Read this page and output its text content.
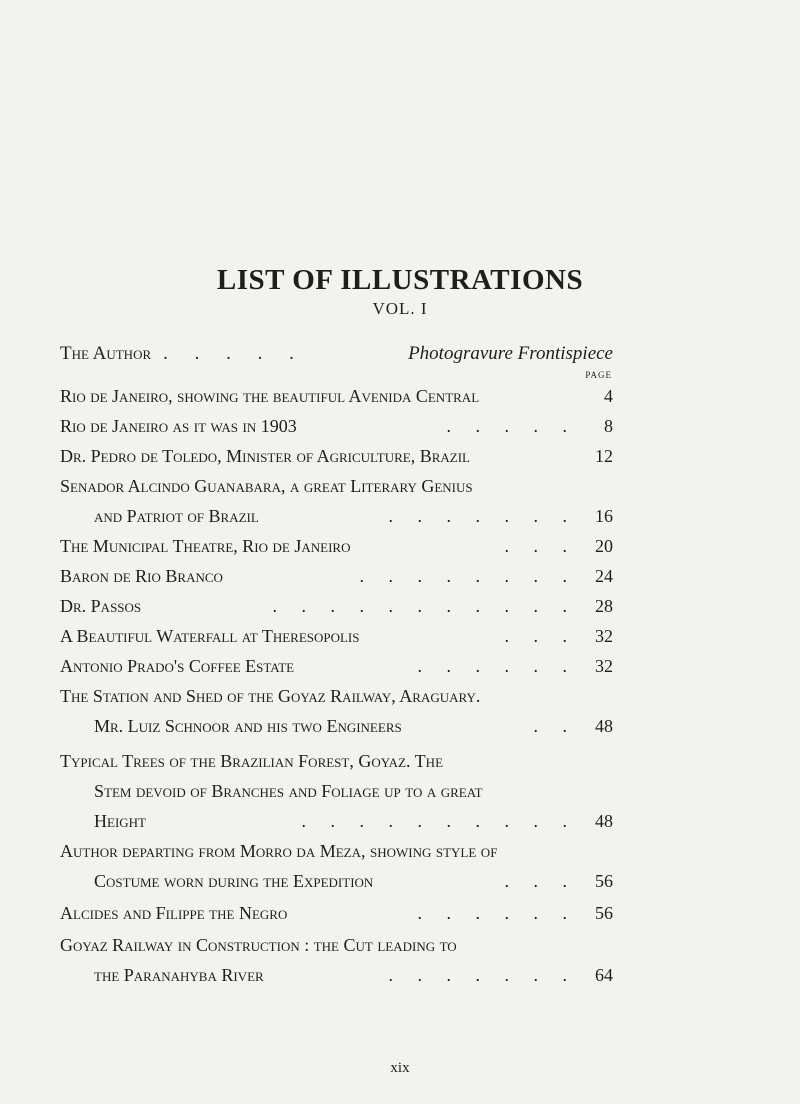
LIST OF ILLUSTRATIONS
VOL. I
The Author . . . . .	Photogravure Frontispiece
PAGE
Rio de Janeiro, showing the beautiful Avenida Central	4
Rio de Janeiro as it was in 1903	. . . . . 8
Dr. Pedro de Toledo, Minister of Agriculture, Brazil	12
Senador Alcindo Guanabara, a great Literary Genius
and Patriot of Brazil	. . . . . . . 16
The Municipal Theatre, Rio de Janeiro	. . . 20
Baron de Rio Branco	. . . . . . . . 24
Dr. Passos	. . . . . . . . . . . 28
A Beautiful Waterfall at Theresopolis	. . . 32
Antonio Prado's Coffee Estate	. . . . . . 32
The Station and Shed of the Goyaz Railway, Araguary.
Mr. Luiz Schnoor and his two Engineers	. . 48
Typical Trees of the Brazilian Forest, Goyaz. The
Stem devoid of Branches and Foliage up to a great
Height	. . . . . . . . . . 48
Author departing from Morro da Meza, showing style of
Costume worn during the Expedition	. . . 56
Alcides and Filippe the Negro	. . . . . . 56
Goyaz Railway in Construction : the Cut leading to
the Paranahyba River	. . . . . . . 64
xix
